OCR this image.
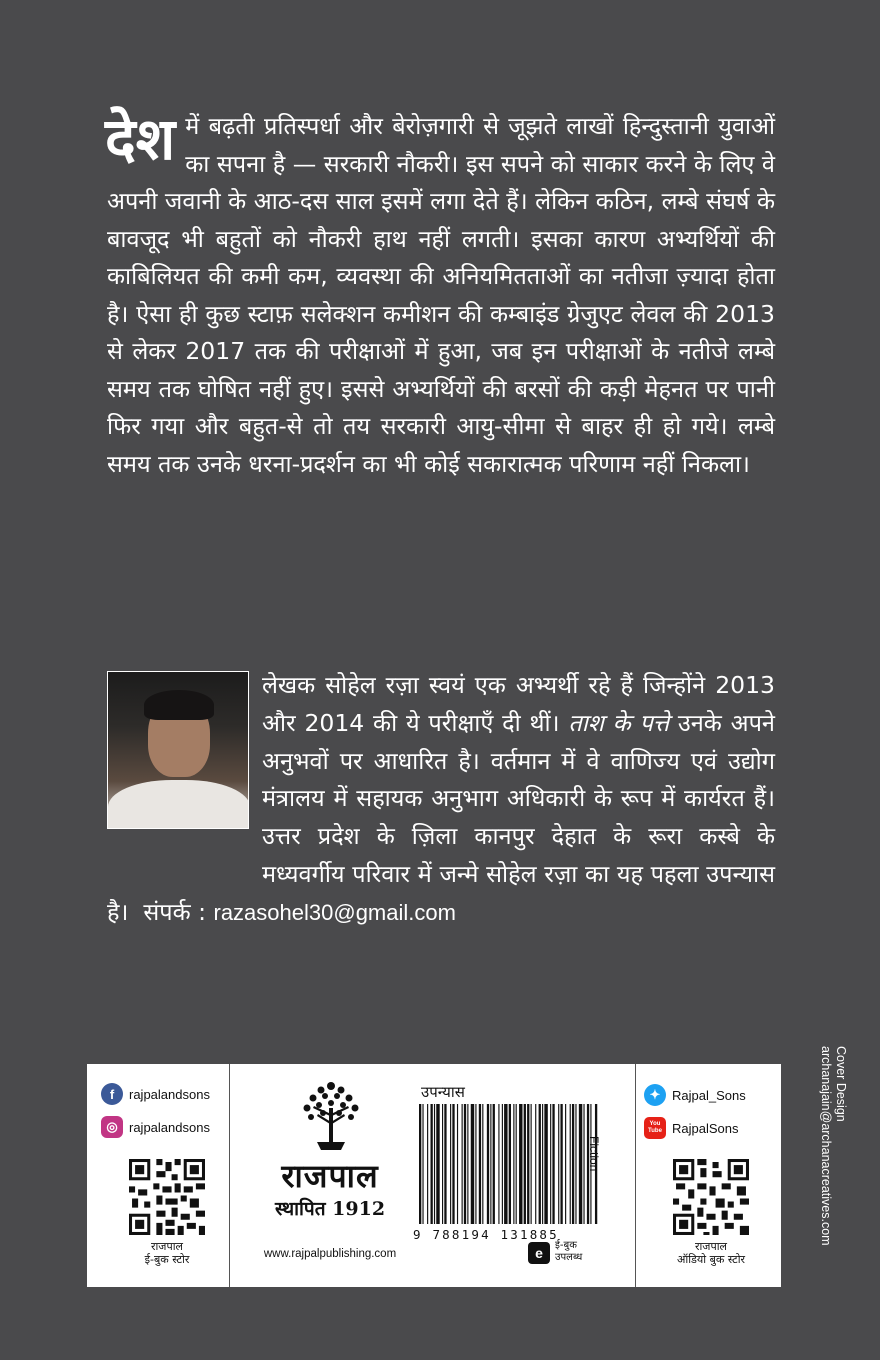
देश में बढ़ती प्रतिस्पर्धा और बेरोज़गारी से जूझते लाखों हिन्दुस्तानी युवाओं का सपना है — सरकारी नौकरी। इस सपने को साकार करने के लिए वे अपनी जवानी के आठ-दस साल इसमें लगा देते हैं। लेकिन कठिन, लम्बे संघर्ष के बावजूद भी बहुतों को नौकरी हाथ नहीं लगती। इसका कारण अभ्यर्थियों की काबिलियत की कमी कम, व्यवस्था की अनियमितताओं का नतीजा ज़्यादा होता है। ऐसा ही कुछ स्टाफ़ सलेक्शन कमीशन की कम्बाइंड ग्रेजुएट लेवल की 2013 से लेकर 2017 तक की परीक्षाओं में हुआ, जब इन परीक्षाओं के नतीजे लम्बे समय तक घोषित नहीं हुए। इससे अभ्यर्थियों की बरसों की कड़ी मेहनत पर पानी फिर गया और बहुत-से तो तय सरकारी आयु-सीमा से बाहर ही हो गये। लम्बे समय तक उनके धरना-प्रदर्शन का भी कोई सकारात्मक परिणाम नहीं निकला।
लेखक सोहेल रज़ा स्वयं एक अभ्यर्थी रहे हैं जिन्होंने 2013 और 2014 की ये परीक्षाएँ दी थीं। ताश के पत्ते उनके अपने अनुभवों पर आधारित है। वर्तमान में वे वाणिज्य एवं उद्योग मंत्रालय में सहायक अनुभाग अधिकारी के रूप में कार्यरत हैं। उत्तर प्रदेश के ज़िला कानपुर देहात के रूरा कस्बे के मध्यवर्गीय परिवार में जन्मे सोहेल रज़ा का यह पहला उपन्यास है। संपर्क : razasohel30@gmail.com
f	rajpalandsons
◎ rajpalandsons
राजपाल
ई-बुक स्टोर
राजपाल
स्थापित 1912
www.rajpalpublishing.com
उपन्यास
9 788194 131885
Fiction
e	ई-बुक
उपलब्ध
✦ Rajpal_Sons
You Tube RajpalSons
राजपाल
ऑडियो बुक स्टोर
Cover Design
archanajain@archanacreatives.com
